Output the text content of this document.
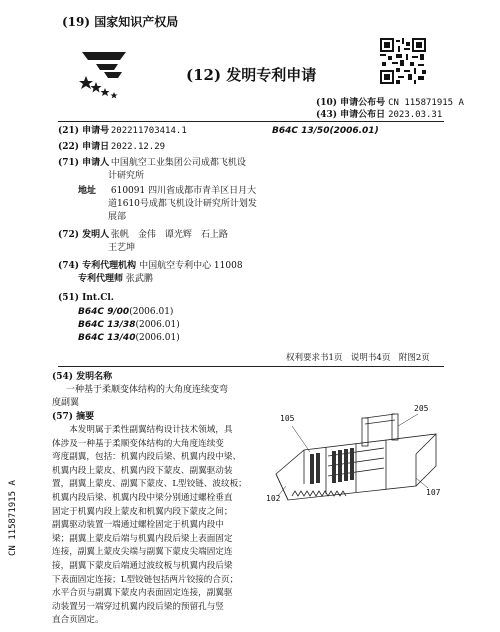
(19) 国家知识产权局
(12) 发明专利申请
(10) 申请公布号 CN 115871915 A
(43) 申请公布日 2023.03.31
(21) 申请号 202211703414.1	B64C 13/50(2006.01)
(22) 申请日 2022.12.29
(71) 申请人 中国航空工业集团公司成都飞机设
计研究所
地址 610091 四川省成都市青羊区日月大
道1610号成都飞机设计研究所计划发
展部
(72) 发明人 张帆　金伟　谭光辉　石上路
王艺坤
(74) 专利代理机构 中国航空专利中心 11008
专利代理师 张武鹏
(51) Int.Cl.
B64C 9/00(2006.01)
B64C 13/38(2006.01)
B64C 13/40(2006.01)
权利要求书1页　说明书4页　附图2页
(54) 发明名称
一种基于柔顺变体结构的大角度连续变弯
度副翼
(57) 摘要
　　本发明属于柔性副翼结构设计技术领域，具
体涉及一种基于柔顺变体结构的大角度连续变
弯度副翼，包括：机翼内段后梁、机翼内段中梁、
机翼内段上蒙皮、机翼内段下蒙皮、副翼驱动装
置，副翼上蒙皮、副翼下蒙皮、L型铰链、波纹板；
机翼内段后梁、机翼内段中梁分别通过螺栓垂直
固定于机翼内段上蒙皮和机翼内段下蒙皮之间；
副翼驱动装置一端通过螺栓固定于机翼内段中
梁；副翼上蒙皮后端与机翼内段后梁上表面固定
连接，副翼上蒙皮尖端与副翼下蒙皮尖端固定连
接，副翼下蒙皮后端通过波纹板与机翼内段后梁
下表面固定连接；L型铰链包括两片铰接的合页；
水平合页与副翼下蒙皮内表面固定连接，副翼驱
动装置另一端穿过机翼内段后梁的预留孔与竖
直合页固定。
105
205
102
107
CN 115871915 A
